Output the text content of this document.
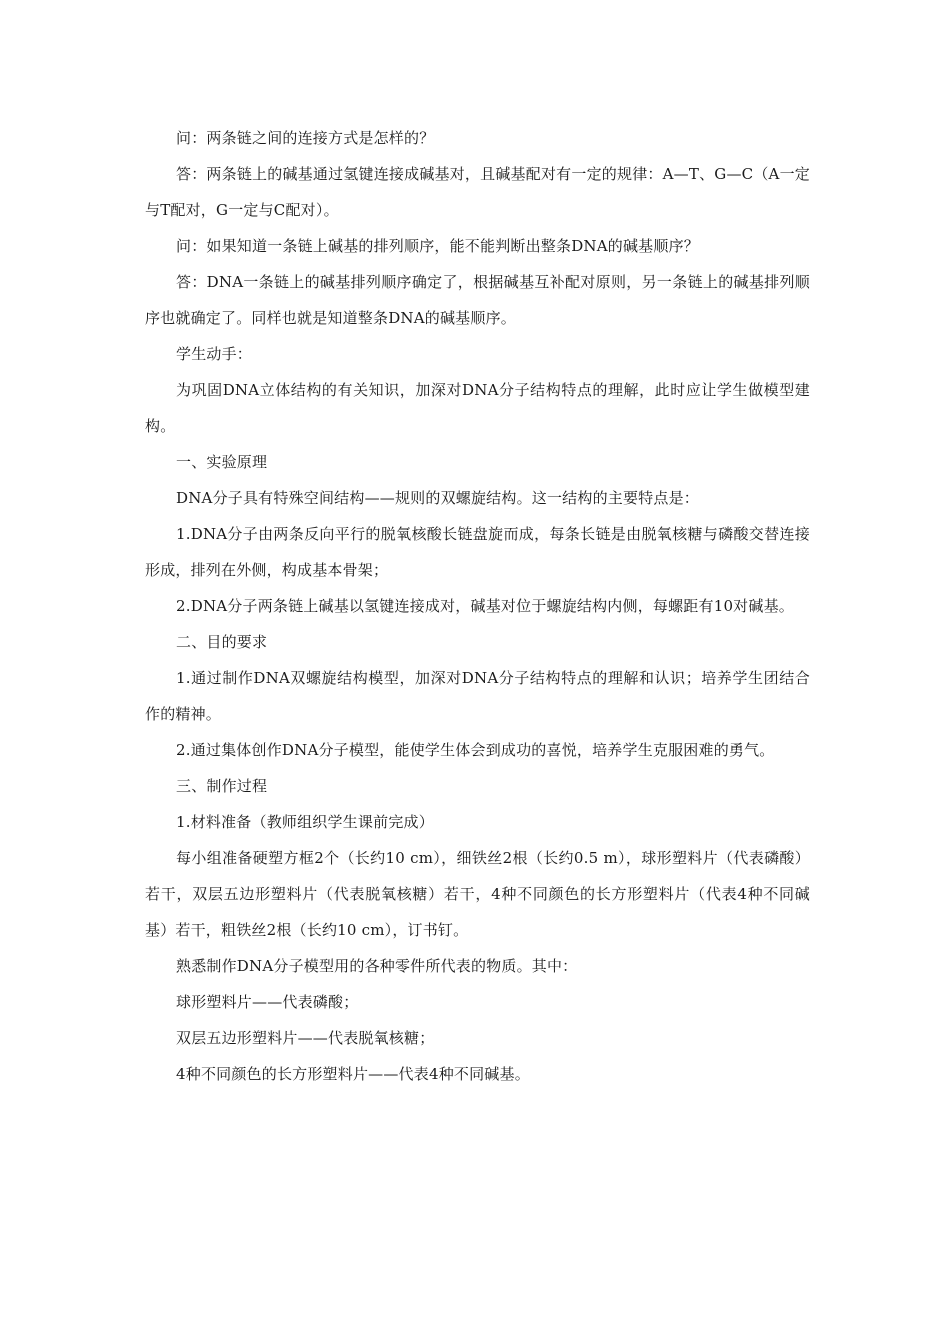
问：两条链之间的连接方式是怎样的？

答：两条链上的碱基通过氢键连接成碱基对，且碱基配对有一定的规律：A—T、G—C（A一定与T配对，G一定与C配对）。

问：如果知道一条链上碱基的排列顺序，能不能判断出整条DNA的碱基顺序？

答：DNA一条链上的碱基排列顺序确定了，根据碱基互补配对原则，另一条链上的碱基排列顺序也就确定了。同样也就是知道整条DNA的碱基顺序。

学生动手：

为巩固DNA立体结构的有关知识，加深对DNA分子结构特点的理解，此时应让学生做模型建构。

一、实验原理

DNA分子具有特殊空间结构——规则的双螺旋结构。这一结构的主要特点是：

1.DNA分子由两条反向平行的脱氧核酸长链盘旋而成，每条长链是由脱氧核糖与磷酸交替连接形成，排列在外侧，构成基本骨架；

2.DNA分子两条链上碱基以氢键连接成对，碱基对位于螺旋结构内侧，每螺距有10对碱基。

二、目的要求

1.通过制作DNA双螺旋结构模型，加深对DNA分子结构特点的理解和认识；培养学生团结合作的精神。

2.通过集体创作DNA分子模型，能使学生体会到成功的喜悦，培养学生克服困难的勇气。

三、制作过程

1.材料准备（教师组织学生课前完成）

每小组准备硬塑方框2个（长约10 cm），细铁丝2根（长约0.5 m），球形塑料片（代表磷酸）若干，双层五边形塑料片（代表脱氧核糖）若干，4种不同颜色的长方形塑料片（代表4种不同碱基）若干，粗铁丝2根（长约10 cm），订书钉。

熟悉制作DNA分子模型用的各种零件所代表的物质。其中：

球形塑料片——代表磷酸；

双层五边形塑料片——代表脱氧核糖；

4种不同颜色的长方形塑料片——代表4种不同碱基。
